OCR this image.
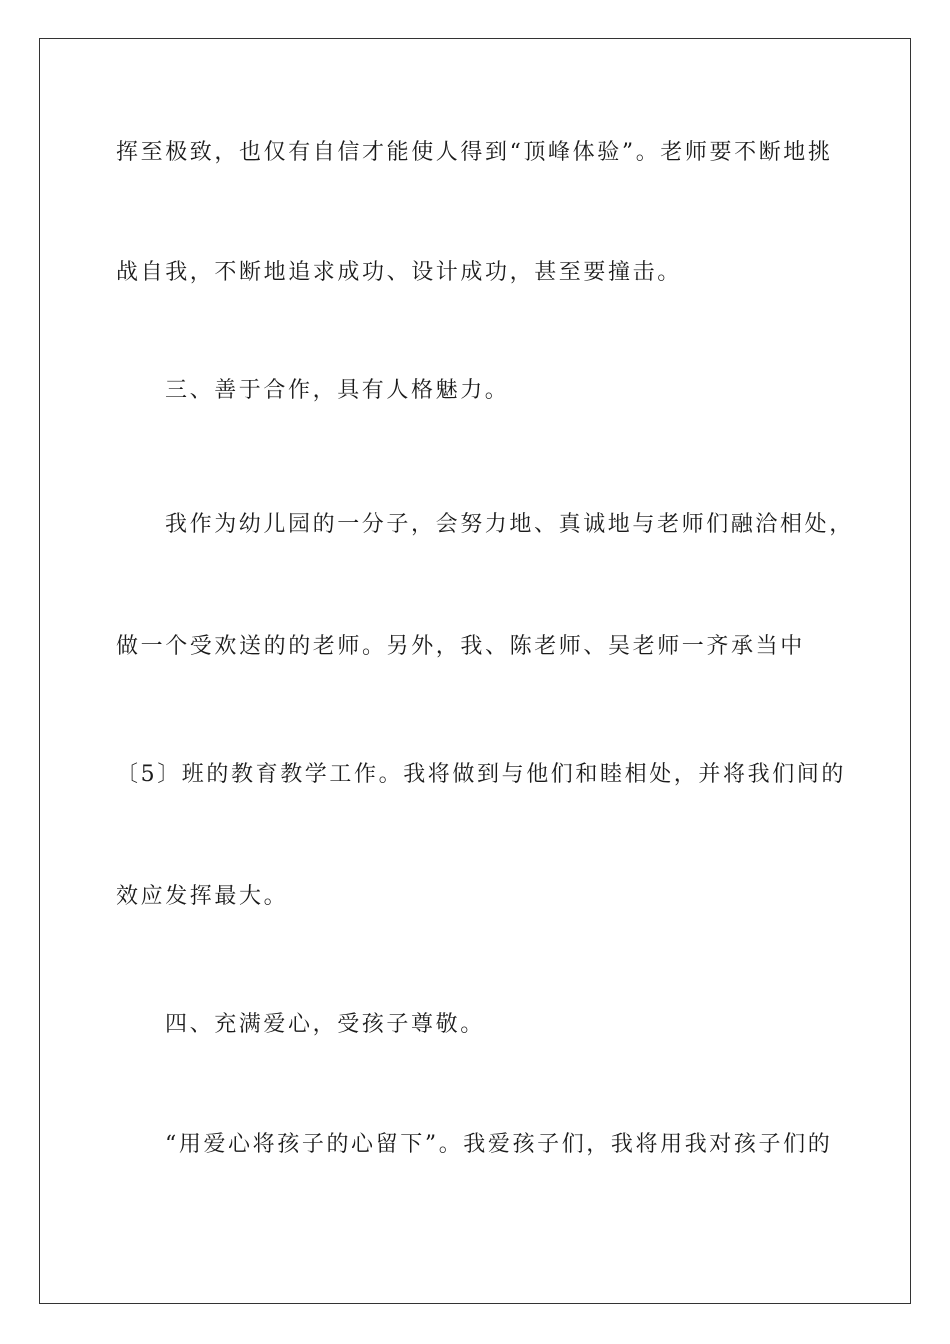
挥至极致，也仅有自信才能使人得到“顶峰体验”。老师要不断地挑

战自我，不断地追求成功、设计成功，甚至要撞击。

三、善于合作，具有人格魅力。

我作为幼儿园的一分子，会努力地、真诚地与老师们融洽相处，

做一个受欢送的的老师。另外，我、陈老师、吴老师一齐承当中

〔5〕班的教育教学工作。我将做到与他们和睦相处，并将我们间的

效应发挥最大。

四、充满爱心，受孩子尊敬。

“用爱心将孩子的心留下”。我爱孩子们，我将用我对孩子们的
